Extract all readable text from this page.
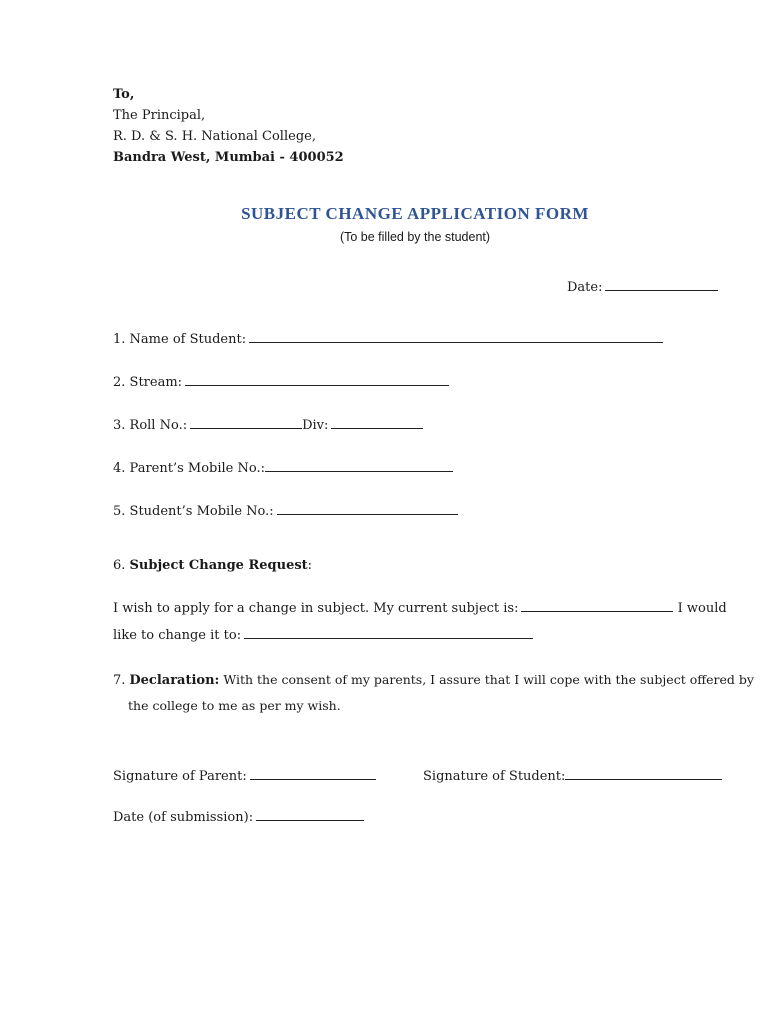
To,
The Principal,
R. D. & S. H. National College,
Bandra West, Mumbai - 400052
SUBJECT CHANGE APPLICATION FORM
(To be filled by the student)
Date:
1. Name of Student:
2. Stream:
3. Roll No.:	Div:
4. Parent’s Mobile No.:
5. Student’s Mobile No.:
6. Subject Change Request:
I wish to apply for a change in subject. My current subject is:	I would
like to change it to:
7. Declaration: With the consent of my parents, I assure that I will cope with the subject offered by
the college to me as per my wish.
Signature of Parent:	Signature of Student:
Date (of submission):
